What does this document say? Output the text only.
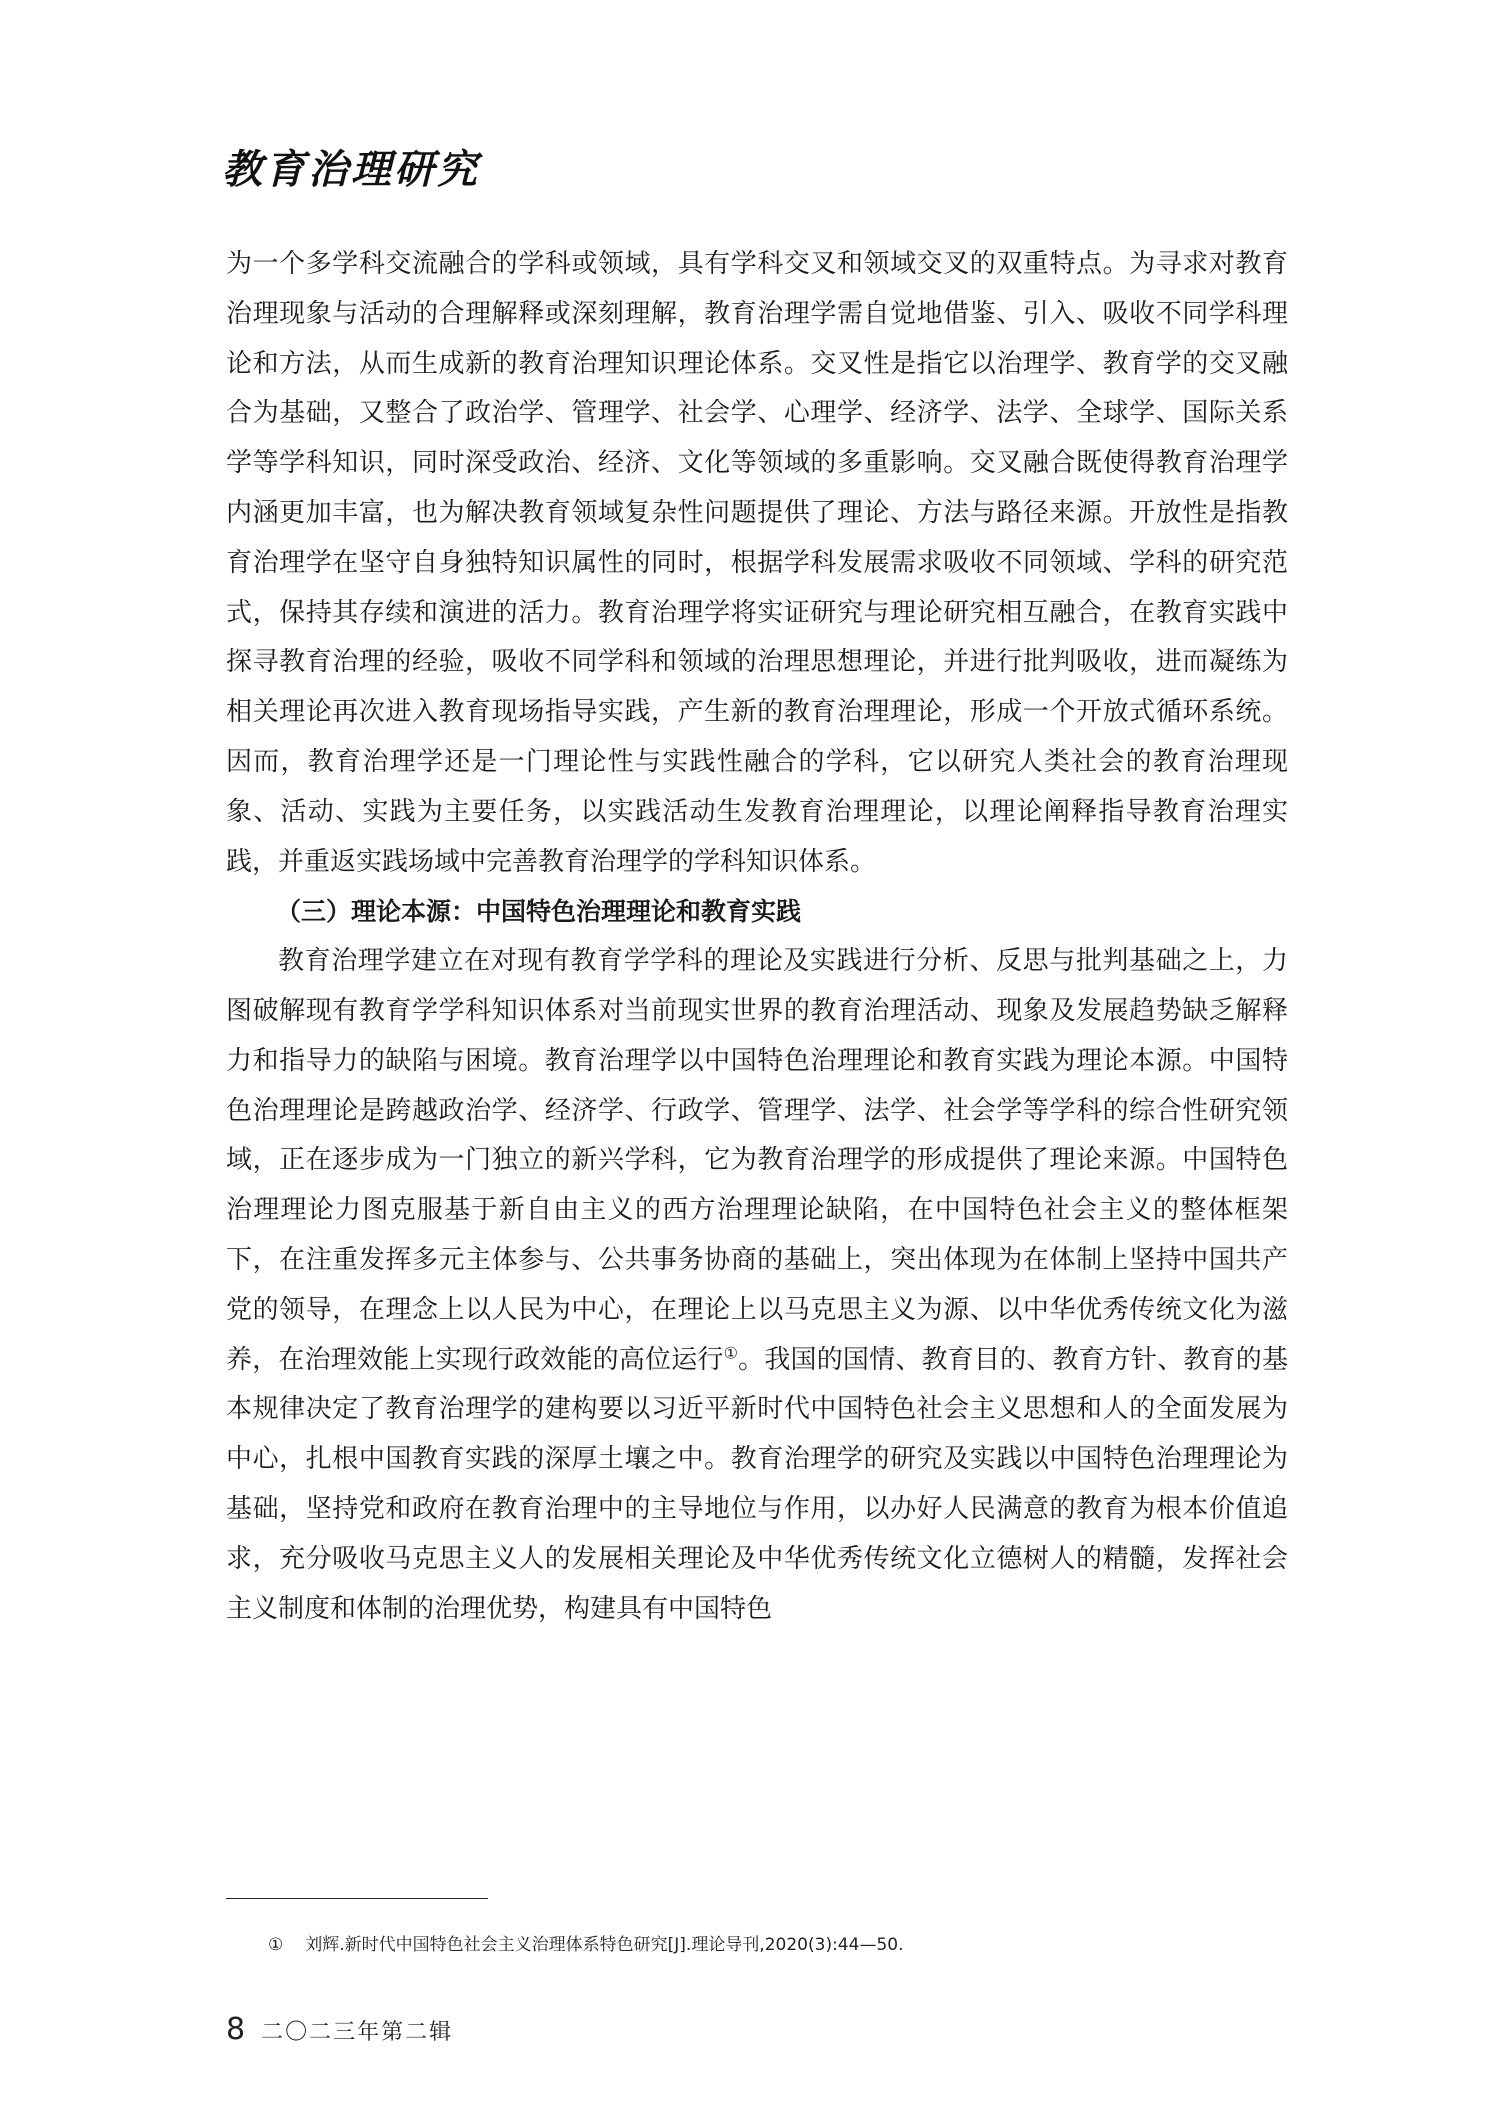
教育治理研究

为一个多学科交流融合的学科或领域，具有学科交叉和领域交叉的双重特点。为寻求对教育治理现象与活动的合理解释或深刻理解，教育治理学需自觉地借鉴、引入、吸收不同学科理论和方法，从而生成新的教育治理知识理论体系。交叉性是指它以治理学、教育学的交叉融合为基础，又整合了政治学、管理学、社会学、心理学、经济学、法学、全球学、国际关系学等学科知识，同时深受政治、经济、文化等领域的多重影响。交叉融合既使得教育治理学内涵更加丰富，也为解决教育领域复杂性问题提供了理论、方法与路径来源。开放性是指教育治理学在坚守自身独特知识属性的同时，根据学科发展需求吸收不同领域、学科的研究范式，保持其存续和演进的活力。教育治理学将实证研究与理论研究相互融合，在教育实践中探寻教育治理的经验，吸收不同学科和领域的治理思想理论，并进行批判吸收，进而凝练为相关理论再次进入教育现场指导实践，产生新的教育治理理论，形成一个开放式循环系统。因而，教育治理学还是一门理论性与实践性融合的学科，它以研究人类社会的教育治理现象、活动、实践为主要任务，以实践活动生发教育治理理论，以理论阐释指导教育治理实践，并重返实践场域中完善教育治理学的学科知识体系。

（三）理论本源：中国特色治理理论和教育实践

教育治理学建立在对现有教育学学科的理论及实践进行分析、反思与批判基础之上，力图破解现有教育学学科知识体系对当前现实世界的教育治理活动、现象及发展趋势缺乏解释力和指导力的缺陷与困境。教育治理学以中国特色治理理论和教育实践为理论本源。中国特色治理理论是跨越政治学、经济学、行政学、管理学、法学、社会学等学科的综合性研究领域，正在逐步成为一门独立的新兴学科，它为教育治理学的形成提供了理论来源。中国特色治理理论力图克服基于新自由主义的西方治理理论缺陷，在中国特色社会主义的整体框架下，在注重发挥多元主体参与、公共事务协商的基础上，突出体现为在体制上坚持中国共产党的领导，在理念上以人民为中心，在理论上以马克思主义为源、以中华优秀传统文化为滋养，在治理效能上实现行政效能的高位运行①。我国的国情、教育目的、教育方针、教育的基本规律决定了教育治理学的建构要以习近平新时代中国特色社会主义思想和人的全面发展为中心，扎根中国教育实践的深厚土壤之中。教育治理学的研究及实践以中国特色治理理论为基础，坚持党和政府在教育治理中的主导地位与作用，以办好人民满意的教育为根本价值追求，充分吸收马克思主义人的发展相关理论及中华优秀传统文化立德树人的精髓，发挥社会主义制度和体制的治理优势，构建具有中国特色

① 刘辉.新时代中国特色社会主义治理体系特色研究[J].理论导刊,2020(3):44—50.
8 二〇二三年第二辑
